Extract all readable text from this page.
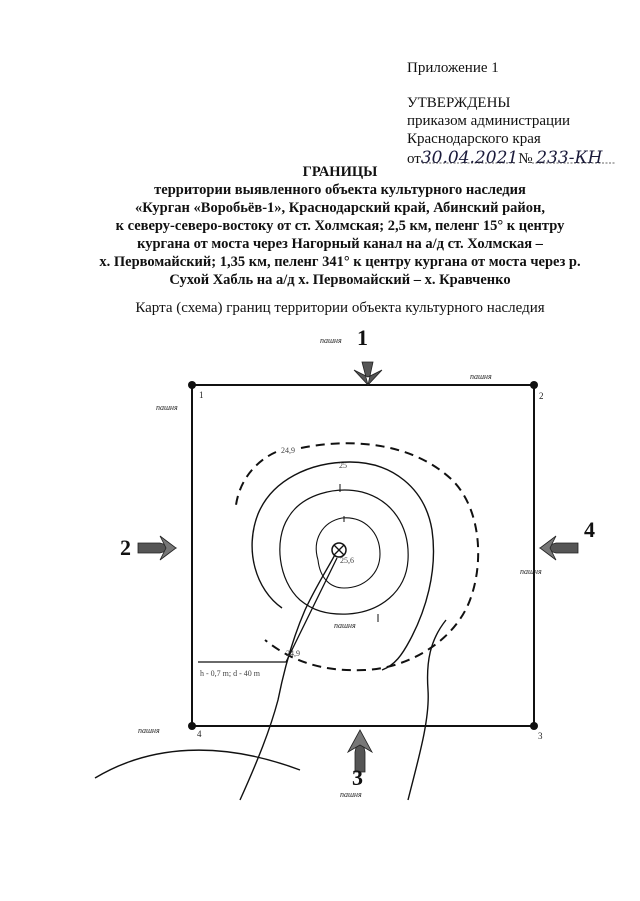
Приложение 1
УТВЕРЖДЕНЫ
приказом администрации
Краснодарского края
от30.04.2021№ 233-КН
ГРАНИЦЫ
территории выявленного объекта культурного наследия
«Курган «Воробьёв-1», Краснодарский край, Абинский район,
к северу-северо-востоку от ст. Холмская; 2,5 км, пеленг 15° к центру
кургана от моста через Нагорный канал на а/д ст. Холмская –
х. Первомайский; 1,35 км, пеленг 341° к центру кургана от моста через р.
Сухой Хабль на а/д х. Первомайский – х. Кравченко
Карта (схема) границ территории объекта культурного наследия
h - 0,7 m; d - 40 m
24,9
25
25,6
24,9
1	2
3
4
1
2
3
4
пашня
пашня
пашня
пашня
пашня
пашня
пашня
